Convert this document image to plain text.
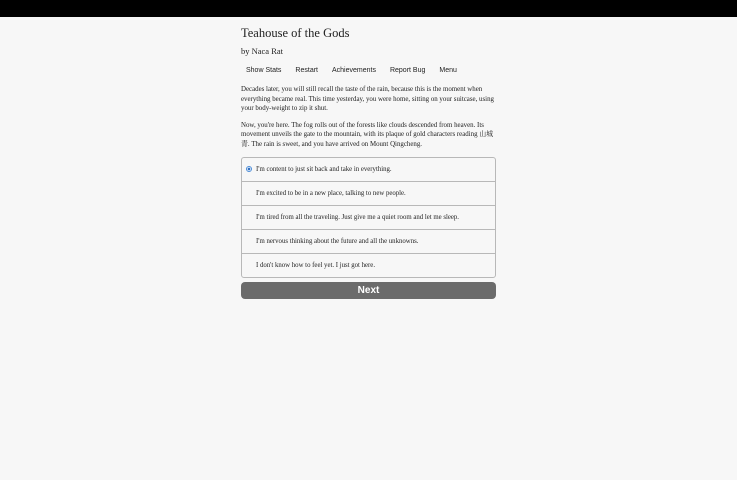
Teahouse of the Gods
by Naca Rat
Show Stats	Restart	Achievements	Report Bug	Menu

Decades later, you will still recall the taste of the rain, because this is the moment when everything became real. This time yesterday, you were home, sitting on your suitcase, using your body-weight to zip it shut.

Now, you're here. The fog rolls out of the forests like clouds descended from heaven. Its movement unveils the gate to the mountain, with its plaque of gold characters reading 山城青. The rain is sweet, and you have arrived on Mount Qingcheng.

I'm content to just sit back and take in everything.
I'm excited to be in a new place, talking to new people.
I'm tired from all the traveling. Just give me a quiet room and let me sleep.
I'm nervous thinking about the future and all the unknowns.
I don't know how to feel yet. I just got here.
Next
